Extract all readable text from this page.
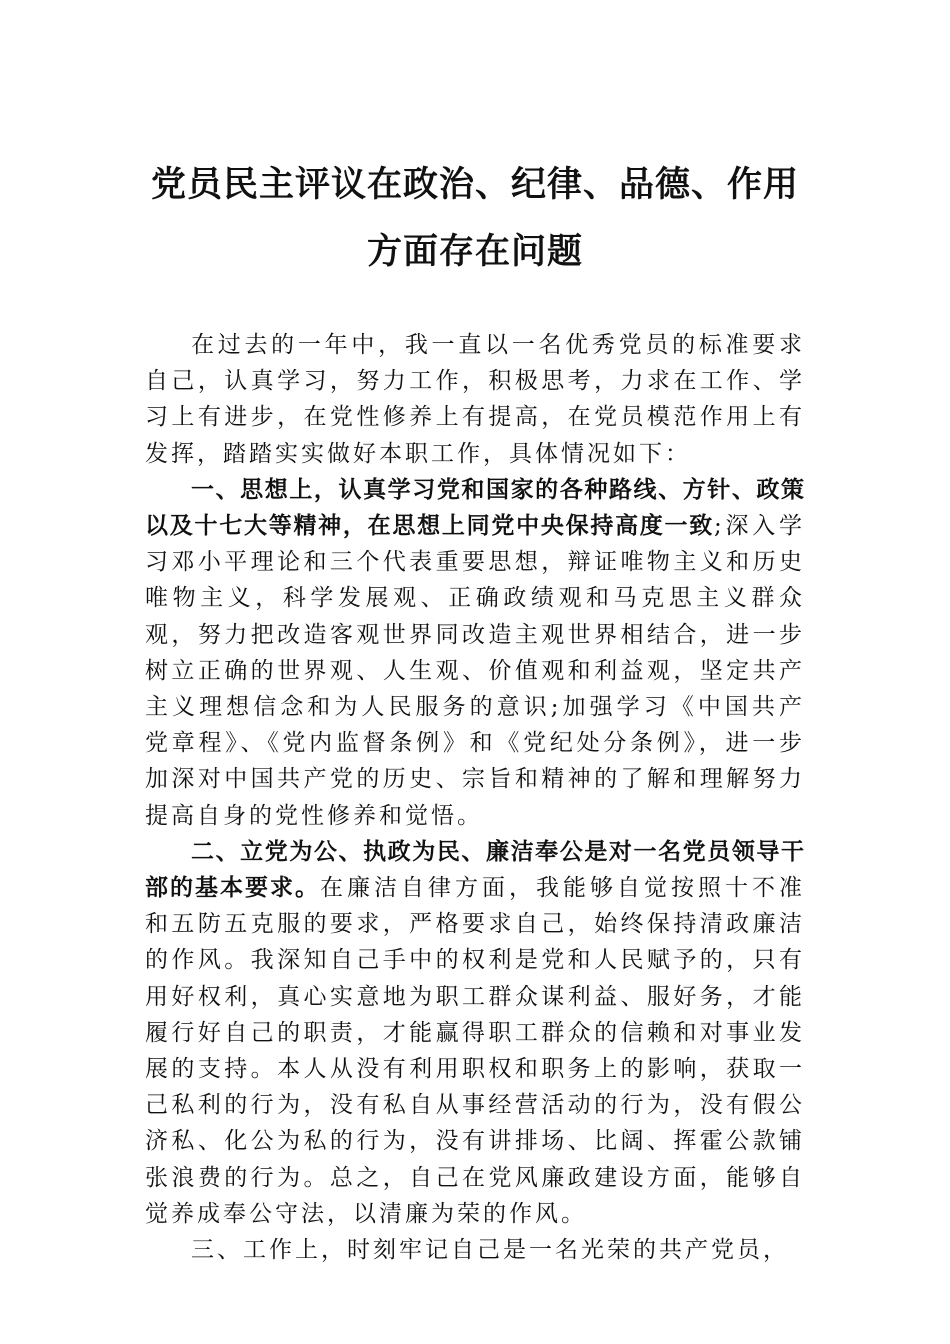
党员民主评议在政治、纪律、品德、作用
方面存在问题

在过去的一年中，我一直以一名优秀党员的标准要求自己，认真学习，努力工作，积极思考，力求在工作、学习上有进步，在党性修养上有提高，在党员模范作用上有发挥，踏踏实实做好本职工作，具体情况如下：

一、思想上，认真学习党和国家的各种路线、方针、政策以及十七大等精神，在思想上同党中央保持高度一致;深入学习邓小平理论和三个代表重要思想，辩证唯物主义和历史唯物主义，科学发展观、正确政绩观和马克思主义群众观，努力把改造客观世界同改造主观世界相结合，进一步树立正确的世界观、人生观、价值观和利益观，坚定共产主义理想信念和为人民服务的意识;加强学习《中国共产党章程》、《党内监督条例》和《党纪处分条例》，进一步加深对中国共产党的历史、宗旨和精神的了解和理解努力提高自身的党性修养和觉悟。

二、立党为公、执政为民、廉洁奉公是对一名党员领导干部的基本要求。在廉洁自律方面，我能够自觉按照十不准和五防五克服的要求，严格要求自己，始终保持清政廉洁的作风。我深知自己手中的权利是党和人民赋予的，只有用好权利，真心实意地为职工群众谋利益、服好务，才能履行好自己的职责，才能赢得职工群众的信赖和对事业发展的支持。本人从没有利用职权和职务上的影响，获取一己私利的行为，没有私自从事经营活动的行为，没有假公济私、化公为私的行为，没有讲排场、比阔、挥霍公款铺张浪费的行为。总之，自己在党风廉政建设方面，能够自觉养成奉公守法，以清廉为荣的作风。

三、工作上，时刻牢记自己是一名光荣的共产党员，
